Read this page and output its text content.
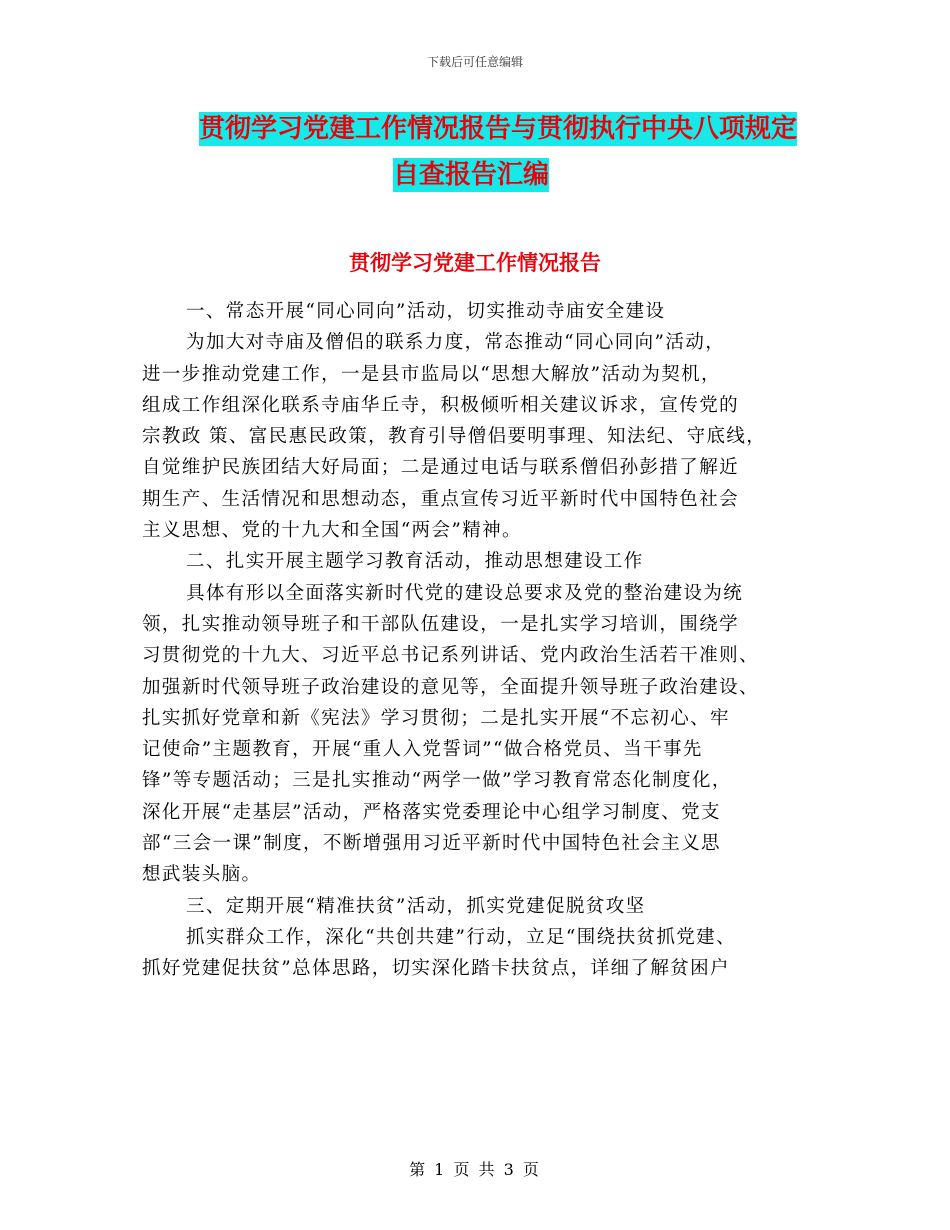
下载后可任意编辑
贯彻学习党建工作情况报告与贯彻执行中央八项规定
自查报告汇编
贯彻学习党建工作情况报告
一、常态开展“同心同向”活动，切实推动寺庙安全建设
为加大对寺庙及僧侣的联系力度，常态推动“同心同向”活动，
进一步推动党建工作，一是县市监局以“思想大解放”活动为契机，
组成工作组深化联系寺庙华丘寺，积极倾听相关建议诉求，宣传党的
宗教政 策、富民惠民政策，教育引导僧侣要明事理、知法纪、守底线，
自觉维护民族团结大好局面；二是通过电话与联系僧侣孙彭措了解近
期生产、生活情况和思想动态，重点宣传习近平新时代中国特色社会
主义思想、党的十九大和全国“两会”精神。
二、扎实开展主题学习教育活动，推动思想建设工作
具体有形以全面落实新时代党的建设总要求及党的整治建设为统
领，扎实推动领导班子和干部队伍建设，一是扎实学习培训，围绕学
习贯彻党的十九大、习近平总书记系列讲话、党内政治生活若干准则、
加强新时代领导班子政治建设的意见等，全面提升领导班子政治建设、
扎实抓好党章和新《宪法》学习贯彻；二是扎实开展“不忘初心、牢
记使命”主题教育，开展“重人入党誓词”“做合格党员、当干事先
锋”等专题活动；三是扎实推动“两学一做”学习教育常态化制度化，
深化开展“走基层”活动，严格落实党委理论中心组学习制度、党支
部“三会一课”制度，不断增强用习近平新时代中国特色社会主义思
想武装头脑。
三、定期开展“精准扶贫”活动，抓实党建促脱贫攻坚
抓实群众工作，深化“共创共建”行动，立足“围绕扶贫抓党建、
抓好党建促扶贫”总体思路，切实深化踏卡扶贫点，详细了解贫困户
第 1 页 共 3 页
